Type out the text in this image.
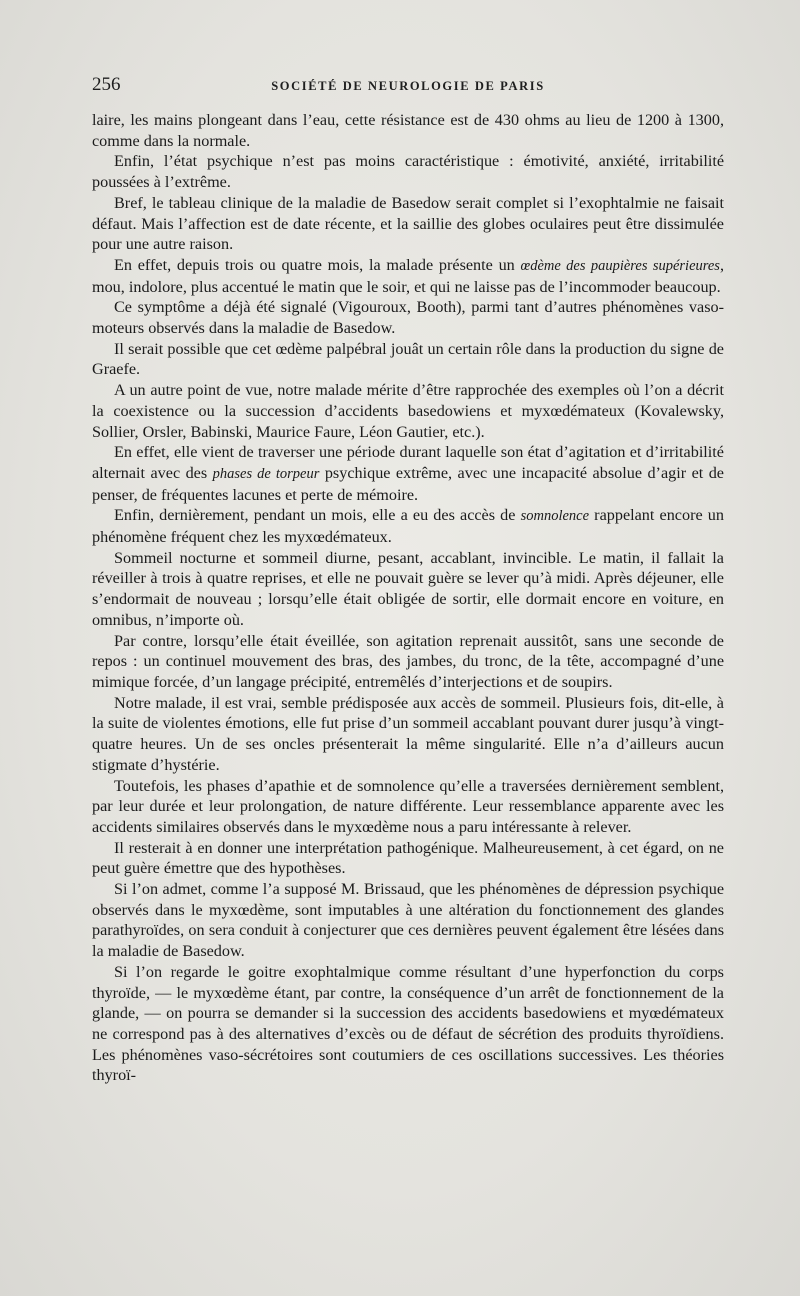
256	SOCIÉTÉ DE NEUROLOGIE DE PARIS

laire, les mains plongeant dans l’eau, cette résistance est de 430 ohms au lieu de 1200 à 1300, comme dans la normale.

Enfin, l’état psychique n’est pas moins caractéristique : émotivité, anxiété, irritabilité poussées à l’extrême.

Bref, le tableau clinique de la maladie de Basedow serait complet si l’exophtalmie ne faisait défaut. Mais l’affection est de date récente, et la saillie des globes oculaires peut être dissimulée pour une autre raison.

En effet, depuis trois ou quatre mois, la malade présente un œdème des paupières supérieures, mou, indolore, plus accentué le matin que le soir, et qui ne laisse pas de l’incommoder beaucoup.

Ce symptôme a déjà été signalé (Vigouroux, Booth), parmi tant d’autres phénomènes vaso-moteurs observés dans la maladie de Basedow.

Il serait possible que cet œdème palpébral jouât un certain rôle dans la production du signe de Graefe.

A un autre point de vue, notre malade mérite d’être rapprochée des exemples où l’on a décrit la coexistence ou la succession d’accidents basedowiens et myxœdémateux (Kovalewsky, Sollier, Orsler, Babinski, Maurice Faure, Léon Gautier, etc.).

En effet, elle vient de traverser une période durant laquelle son état d’agitation et d’irritabilité alternait avec des phases de torpeur psychique extrême, avec une incapacité absolue d’agir et de penser, de fréquentes lacunes et perte de mémoire.

Enfin, dernièrement, pendant un mois, elle a eu des accès de somnolence rappelant encore un phénomène fréquent chez les myxœdémateux.

Sommeil nocturne et sommeil diurne, pesant, accablant, invincible. Le matin, il fallait la réveiller à trois à quatre reprises, et elle ne pouvait guère se lever qu’à midi. Après déjeuner, elle s’endormait de nouveau ; lorsqu’elle était obligée de sortir, elle dormait encore en voiture, en omnibus, n’importe où.

Par contre, lorsqu’elle était éveillée, son agitation reprenait aussitôt, sans une seconde de repos : un continuel mouvement des bras, des jambes, du tronc, de la tête, accompagné d’une mimique forcée, d’un langage précipité, entremêlés d’interjections et de soupirs.

Notre malade, il est vrai, semble prédisposée aux accès de sommeil. Plusieurs fois, dit-elle, à la suite de violentes émotions, elle fut prise d’un sommeil accablant pouvant durer jusqu’à vingt-quatre heures. Un de ses oncles présenterait la même singularité. Elle n’a d’ailleurs aucun stigmate d’hystérie.

Toutefois, les phases d’apathie et de somnolence qu’elle a traversées dernièrement semblent, par leur durée et leur prolongation, de nature différente. Leur ressemblance apparente avec les accidents similaires observés dans le myxœdème nous a paru intéressante à relever.

Il resterait à en donner une interprétation pathogénique. Malheureusement, à cet égard, on ne peut guère émettre que des hypothèses.

Si l’on admet, comme l’a supposé M. Brissaud, que les phénomènes de dépression psychique observés dans le myxœdème, sont imputables à une altération du fonctionnement des glandes parathyroïdes, on sera conduit à conjecturer que ces dernières peuvent également être lésées dans la maladie de Basedow.

Si l’on regarde le goitre exophtalmique comme résultant d’une hyperfonction du corps thyroïde, — le myxœdème étant, par contre, la conséquence d’un arrêt de fonctionnement de la glande, — on pourra se demander si la succession des accidents basedowiens et myœdémateux ne correspond pas à des alternatives d’excès ou de défaut de sécrétion des produits thyroïdiens. Les phénomènes vaso-sécrétoires sont coutumiers de ces oscillations successives. Les théories thyroï-
